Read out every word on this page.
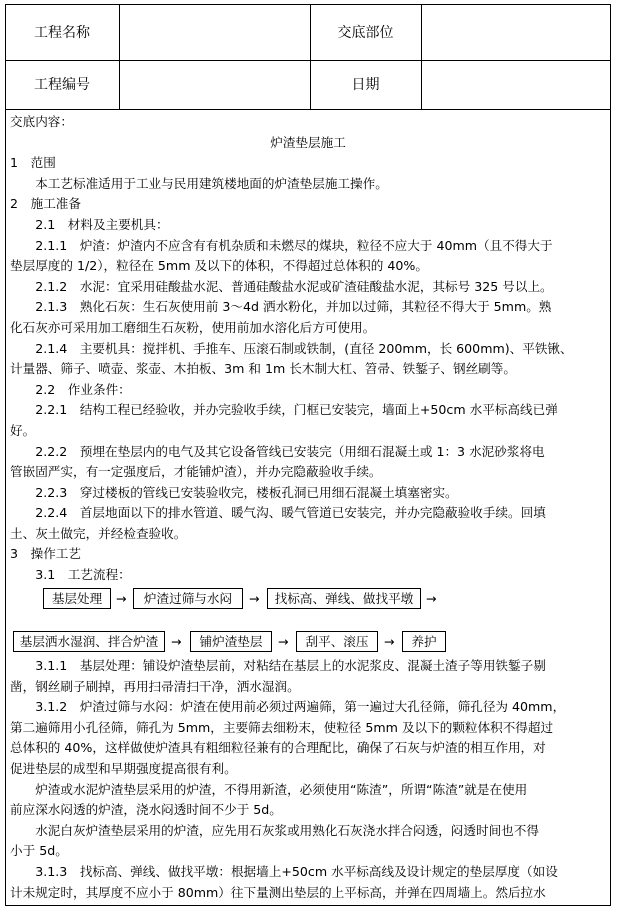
工程名称	交底部位
工程编号	日期
交底内容：
炉渣垫层施工
1　范围
　　本工艺标准适用于工业与民用建筑楼地面的炉渣垫层施工操作。
2　施工准备
　　2.1　材料及主要机具：
　　2.1.1　炉渣：炉渣内不应含有有机杂质和未燃尽的煤块，粒径不应大于 40mm（且不得大于
垫层厚度的 1/2），粒径在 5mm 及以下的体积，不得超过总体积的 40%。
　　2.1.2　水泥：宜采用硅酸盐水泥、普通硅酸盐水泥或矿渣硅酸盐水泥，其标号 325 号以上。
　　2.1.3　熟化石灰：生石灰使用前 3～4d 洒水粉化，并加以过筛，其粒径不得大于 5mm。熟
化石灰亦可采用加工磨细生石灰粉，使用前加水溶化后方可使用。
　　2.1.4　主要机具：搅拌机、手推车、压滚石制或铁制，(直径 200mm，长 600mm)、平铁锹、
计量器、筛子、喷壶、浆壶、木拍板、3m 和 1m 长木制大杠、笤帚、铁錾子、钢丝刷等。
　　2.2　作业条件：
　　2.2.1　结构工程已经验收，并办完验收手续，门框已安装完，墙面上+50cm 水平标高线已弹
好。
　　2.2.2　预埋在垫层内的电气及其它设备管线已安装完（用细石混凝土或 1：3 水泥砂浆将电
管嵌固严实，有一定强度后，才能铺炉渣），并办完隐蔽验收手续。
　　2.2.3　穿过楼板的管线已安装验收完，楼板孔洞已用细石混凝土填塞密实。
　　2.2.4　首层地面以下的排水管道、暖气沟、暖气管道已安装完，并办完隐蔽验收手续。回填
土、灰土做完，并经检查验收。
3　操作工艺
　　3.1　工艺流程：
基层处理	→	炉渣过筛与水闷	→	找标高、弹线、做找平墩	→
基层洒水湿润、拌合炉渣	→	铺炉渣垫层	→	刮平、滚压	→	养护
　　3.1.1　基层处理：铺设炉渣垫层前，对粘结在基层上的水泥浆皮、混凝土渣子等用铁錾子剔
凿，钢丝刷子刷掉，再用扫帚清扫干净，洒水湿润。
　　3.1.2　炉渣过筛与水闷：炉渣在使用前必须过两遍筛，第一遍过大孔径筛，筛孔径为 40mm，
第二遍筛用小孔径筛，筛孔为 5mm，主要筛去细粉末，使粒径 5mm 及以下的颗粒体积不得超过
总体积的 40%，这样做使炉渣具有粗细粒径兼有的合理配比，确保了石灰与炉渣的相互作用，对
促进垫层的成型和早期强度提高很有利。
　　炉渣或水泥炉渣垫层采用的炉渣，不得用新渣，必须使用“陈渣”，所谓“陈渣”就是在使用
前应深水闷透的炉渣，浇水闷透时间不少于 5d。
　　水泥白灰炉渣垫层采用的炉渣，应先用石灰浆或用熟化石灰浇水拌合闷透，闷透时间也不得
小于 5d。
　　3.1.3　找标高、弹线、做找平墩：根据墙上+50cm 水平标高线及设计规定的垫层厚度（如设
计未规定时，其厚度不应小于 80mm）往下量测出垫层的上平标高，并弹在四周墙上。然后拉水
